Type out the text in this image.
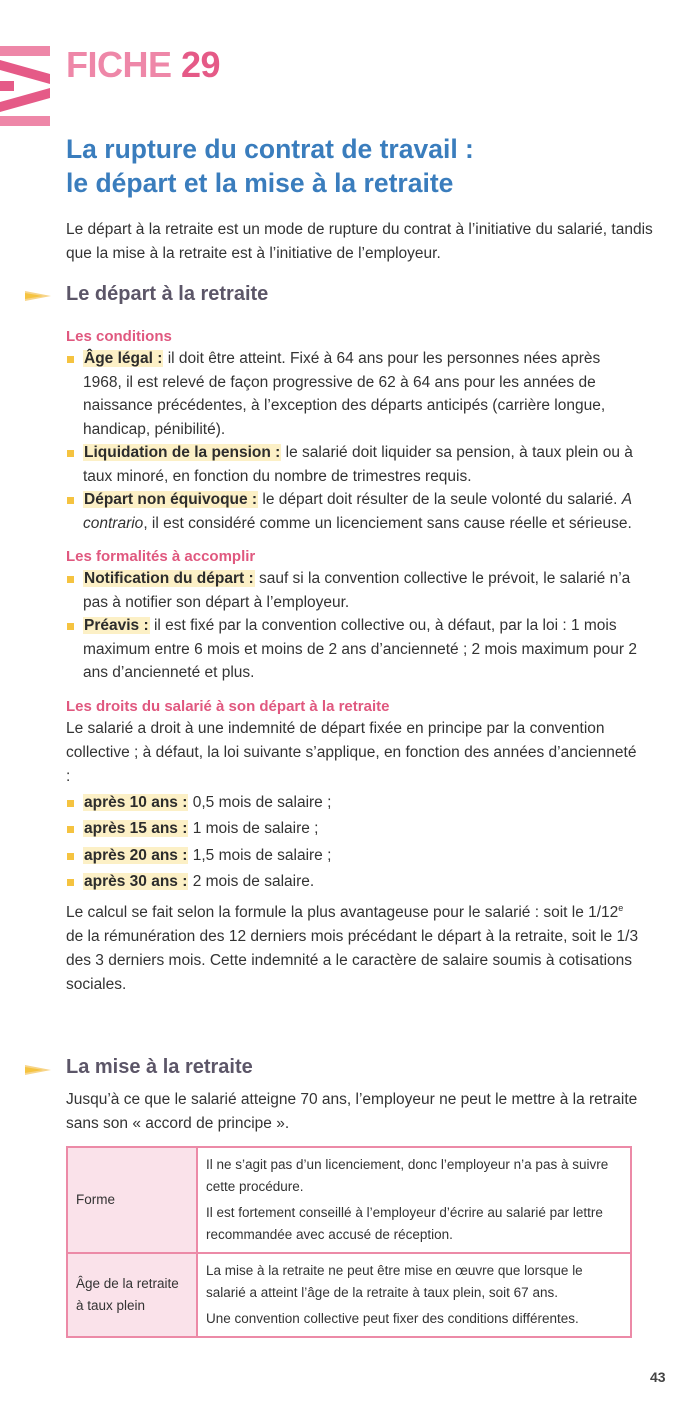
FICHE 29
La rupture du contrat de travail :
le départ et la mise à la retraite
Le départ à la retraite est un mode de rupture du contrat à l’initiative du salarié, tandis que la mise à la retraite est à l’initiative de l’employeur.
Le départ à la retraite
Les conditions
Âge légal : il doit être atteint. Fixé à 64 ans pour les personnes nées après 1968, il est relevé de façon progressive de 62 à 64 ans pour les années de naissance précédentes, à l’exception des départs anticipés (carrière longue, handicap, pénibilité).
Liquidation de la pension : le salarié doit liquider sa pension, à taux plein ou à taux minoré, en fonction du nombre de trimestres requis.
Départ non équivoque : le départ doit résulter de la seule volonté du salarié. A contrario, il est considéré comme un licenciement sans cause réelle et sérieuse.
Les formalités à accomplir
Notification du départ : sauf si la convention collective le prévoit, le salarié n’a pas à notifier son départ à l’employeur.
Préavis : il est fixé par la convention collective ou, à défaut, par la loi : 1 mois maximum entre 6 mois et moins de 2 ans d’ancienneté ; 2 mois maximum pour 2 ans d’ancienneté et plus.
Les droits du salarié à son départ à la retraite
Le salarié a droit à une indemnité de départ fixée en principe par la convention collective ; à défaut, la loi suivante s’applique, en fonction des années d’ancienneté :
après 10 ans : 0,5 mois de salaire ;
après 15 ans : 1 mois de salaire ;
après 20 ans : 1,5 mois de salaire ;
après 30 ans : 2 mois de salaire.
Le calcul se fait selon la formule la plus avantageuse pour le salarié : soit le 1/12e de la rémunération des 12 derniers mois précédant le départ à la retraite, soit le 1/3 des 3 derniers mois. Cette indemnité a le caractère de salaire soumis à cotisations sociales.
La mise à la retraite
Jusqu’à ce que le salarié atteigne 70 ans, l’employeur ne peut le mettre à la retraite sans son « accord de principe ».
Forme	Il ne s’agit pas d’un licenciement, donc l’employeur n’a pas à suivre cette procédure.
Il est fortement conseillé à l’employeur d’écrire au salarié par lettre recommandée avec accusé de réception.

Âge de la retraite à taux plein	La mise à la retraite ne peut être mise en œuvre que lorsque le salarié a atteint l’âge de la retraite à taux plein, soit 67 ans.
Une convention collective peut fixer des conditions différentes.
43
